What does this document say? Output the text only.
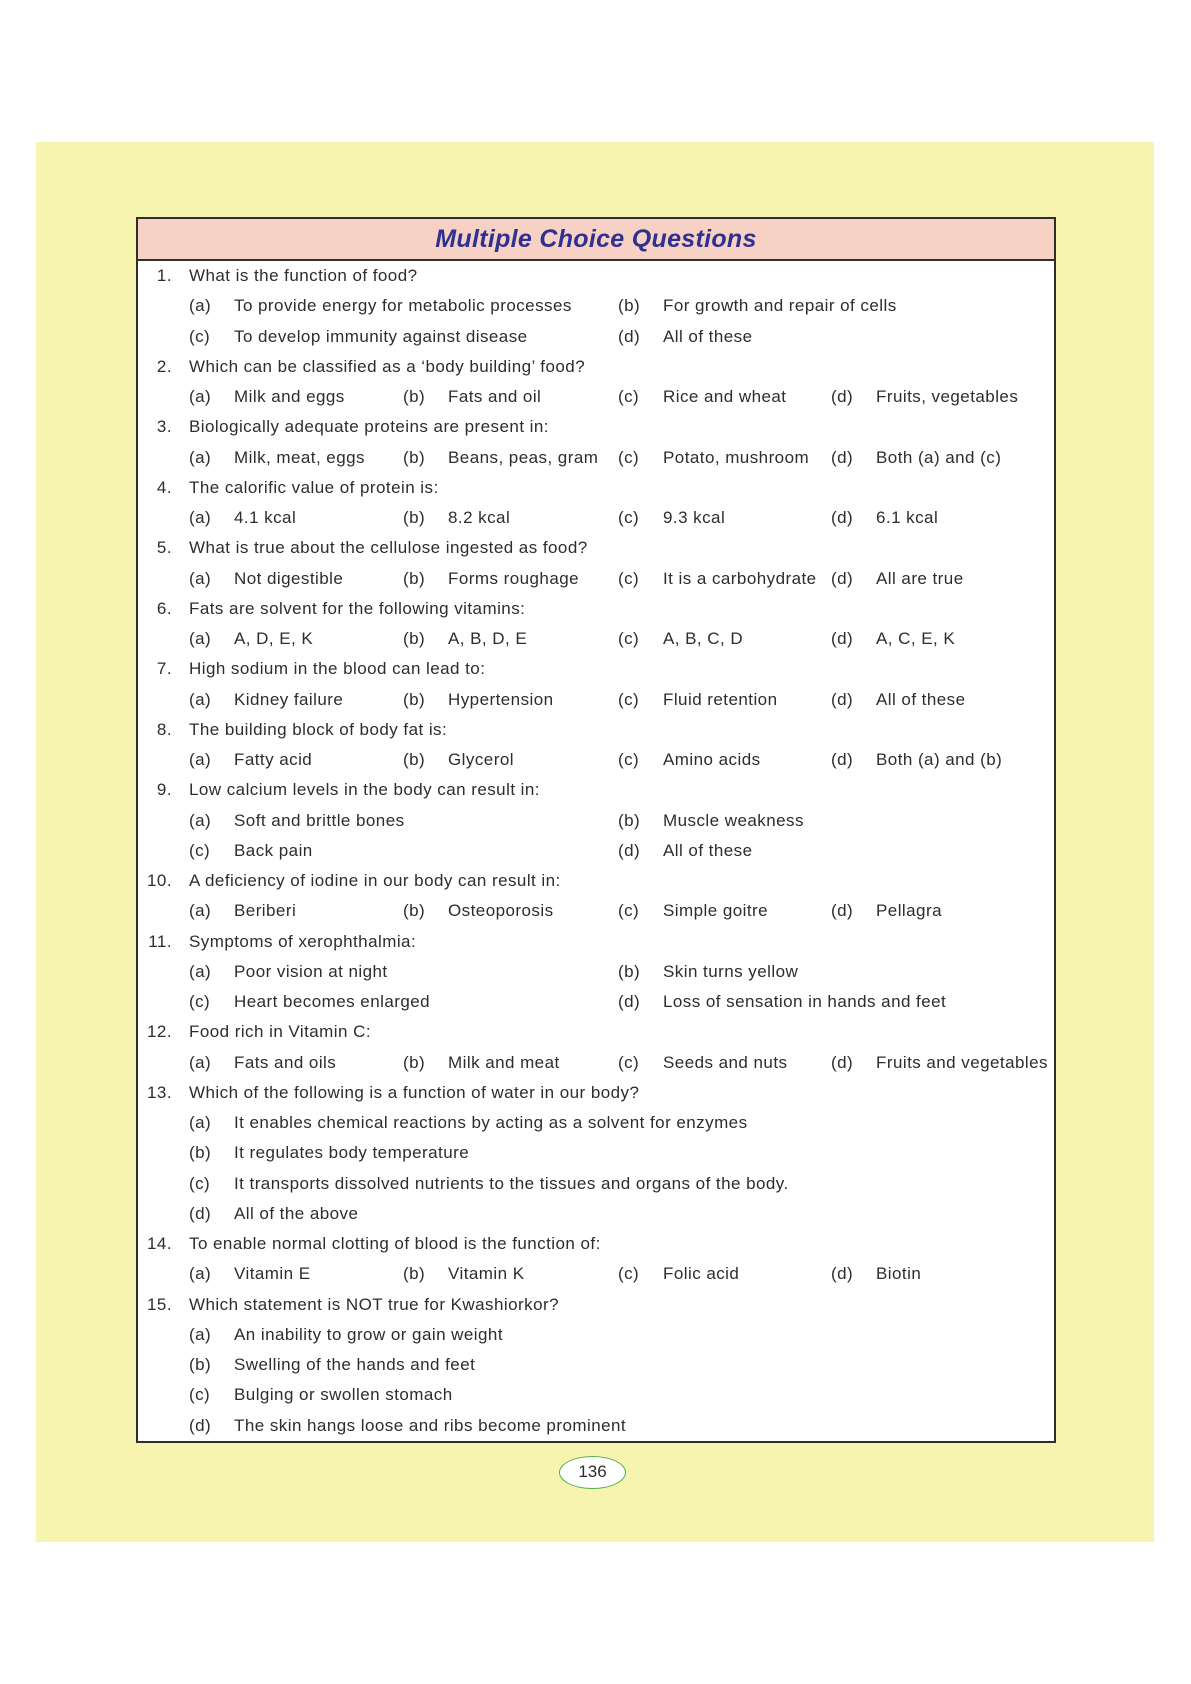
Multiple Choice Questions
1. What is the function of food?
(a) To provide energy for metabolic processes	(b) For growth and repair of cells
(c) To develop immunity against disease	(d) All of these
2. Which can be classified as a ‘body building’ food?
(a) Milk and eggs	(b) Fats and oil	(c) Rice and wheat	(d) Fruits, vegetables
3. Biologically adequate proteins are present in:
(a) Milk, meat, eggs (b) Beans, peas, gram (c) Potato, mushroom (d) Both (a) and (c)
4. The calorific value of protein is:
(a) 4.1 kcal	(b) 8.2 kcal	(c) 9.3 kcal	(d) 6.1 kcal
5. What is true about the cellulose ingested as food?
(a) Not digestible	(b) Forms roughage (c) It is a carbohydrate (d) All are true
6. Fats are solvent for the following vitamins:
(a) A, D, E, K	(b) A, B, D, E	(c) A, B, C, D	(d) A, C, E, K
7. High sodium in the blood can lead to:
(a) Kidney failure	(b) Hypertension	(c) Fluid retention	(d) All of these
8. The building block of body fat is:
(a) Fatty acid	(b) Glycerol	(c) Amino acids	(d) Both (a) and (b)
9. Low calcium levels in the body can result in:
(a) Soft and brittle bones	(b) Muscle weakness
(c) Back pain	(d) All of these
10. A deficiency of iodine in our body can result in:
(a) Beriberi	(b) Osteoporosis	(c) Simple goitre	(d) Pellagra
11. Symptoms of xerophthalmia:
(a) Poor vision at night	(b) Skin turns yellow
(c) Heart becomes enlarged	(d) Loss of sensation in hands and feet
12. Food rich in Vitamin C:
(a) Fats and oils	(b) Milk and meat	(c) Seeds and nuts	(d) Fruits and vegetables
13. Which of the following is a function of water in our body?
(a) It enables chemical reactions by acting as a solvent for enzymes
(b) It regulates body temperature
(c) It transports dissolved nutrients to the tissues and organs of the body.
(d) All of the above
14. To enable normal clotting of blood is the function of:
(a) Vitamin E	(b) Vitamin K	(c) Folic acid	(d) Biotin
15. Which statement is NOT true for Kwashiorkor?
(a) An inability to grow or gain weight
(b) Swelling of the hands and feet
(c) Bulging or swollen stomach
(d) The skin hangs loose and ribs become prominent
136
